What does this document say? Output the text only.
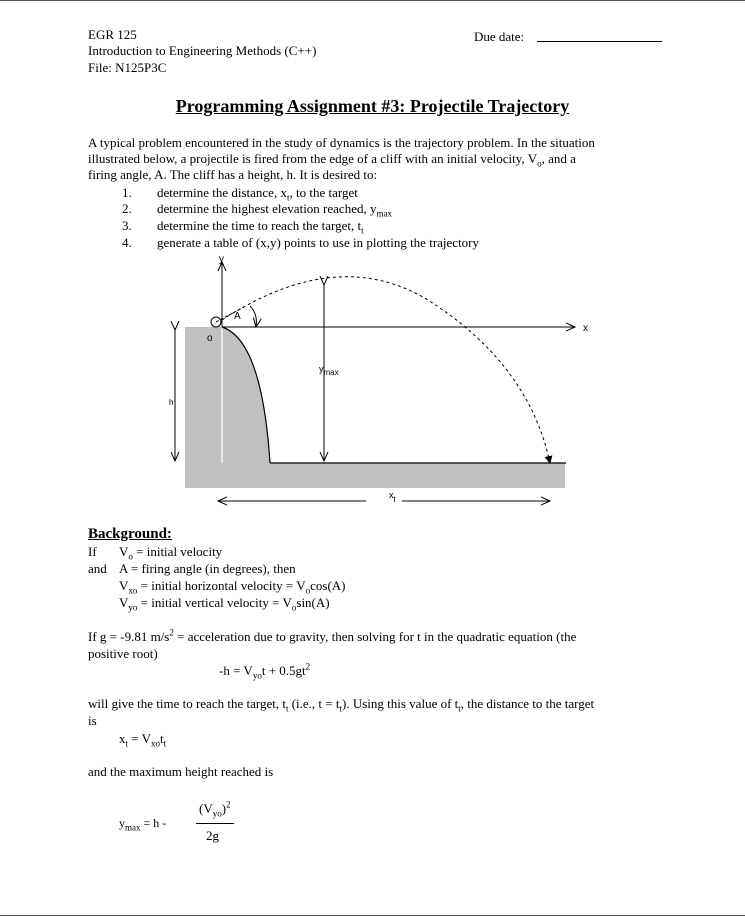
EGR 125
Introduction to Engineering Methods (C++)
File: N125P3C
Due date:
Programming Assignment #3: Projectile Trajectory
A typical problem encountered in the study of dynamics is the trajectory problem. In the situation
illustrated below, a projectile is fired from the edge of a cliff with an initial velocity, $V_o$, and a
firing angle, A. The cliff has a height, h. It is desired to:
1. determine the distance, $x_t$, to the target
2. determine the highest elevation reached, $y_{max}$
3. determine the time to reach the target, $t_t$
4. generate a table of (x,y) points to use in plotting the trajectory
y
x
o
A
ymax
h
xt
Background:
If $V_o$ = initial velocity
and A = firing angle (in degrees), then
$V_{xo}$ = initial horizontal velocity = $V_o\cos(A)$
$V_{yo}$ = initial vertical velocity = $V_o\sin(A)$
If g = -9.81 $m/s^2$ = acceleration due to gravity, then solving for t in the quadratic equation (the
positive root)
$-h = V_{yo}t + 0.5gt^2$
will give the time to reach the target, $t_t$ (i.e., $t = t_t$). Using this value of $t_t$, the distance to the target
is
$x_t = V_{xo}t_t$
and the maximum height reached is
$y_{max} = h$ -
$(V_{yo})^2$
2g
